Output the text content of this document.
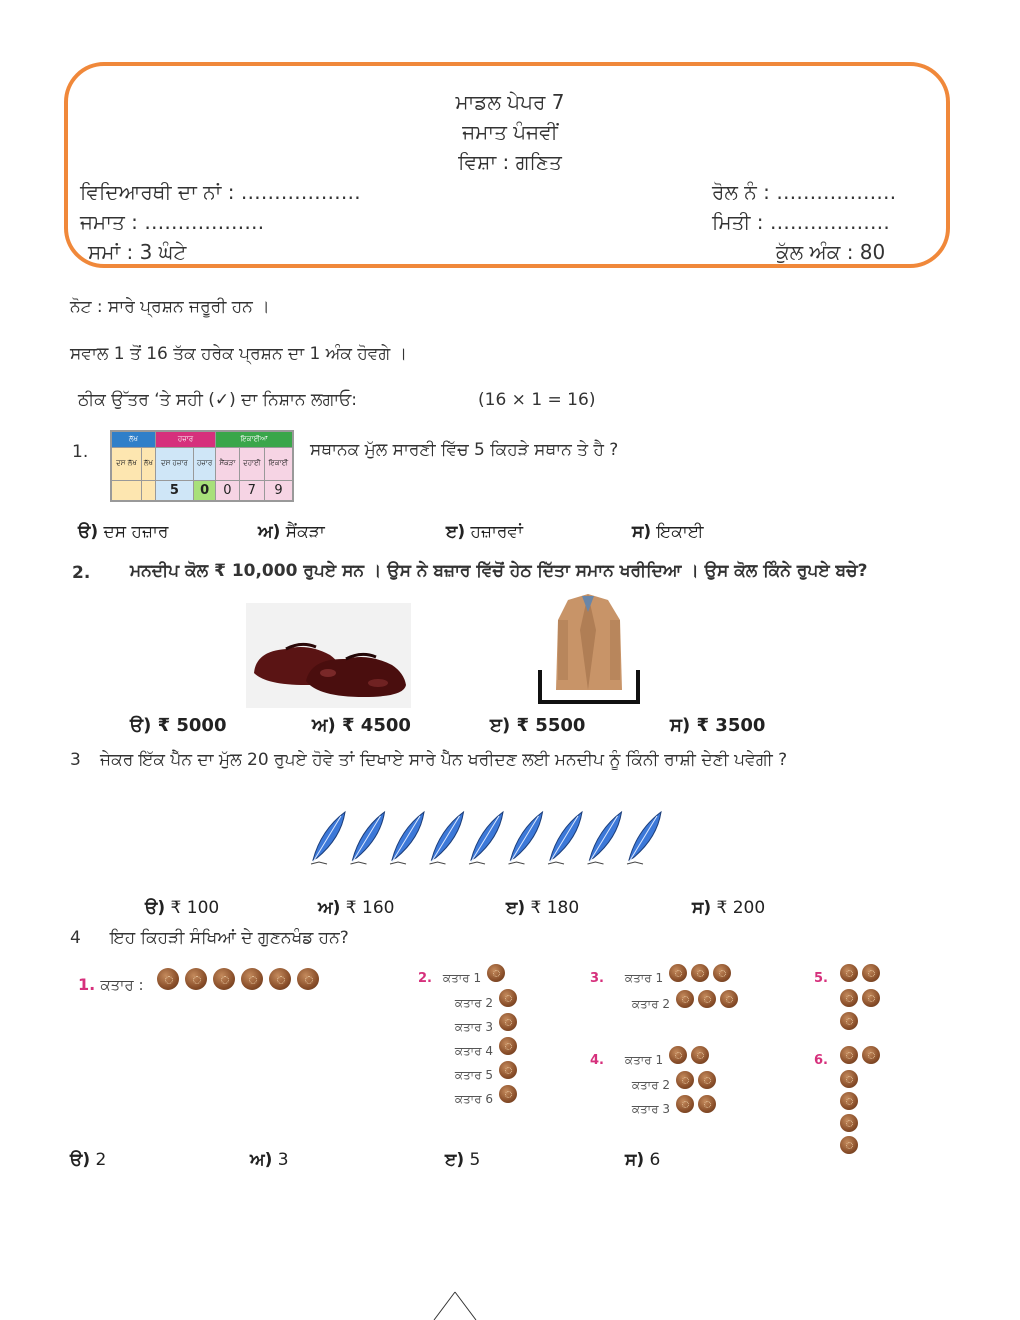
ਮਾਡਲ ਪੇਪਰ 7
ਜਮਾਤ ਪੰਜਵੀਂ
ਵਿਸ਼ਾ : ਗਣਿਤ
ਵਿਦਿਆਰਥੀ ਦਾ ਨਾਂ : ………………	ਰੋਲ ਨੰ : ………………
ਜਮਾਤ : ………………	ਮਿਤੀ : ………………
ਸਮਾਂ : 3 ਘੰਟੇ	ਕੁੱਲ ਅੰਕ : 80
ਨੋਟ : ਸਾਰੇ ਪ੍ਰਸ਼ਨ ਜਰੂਰੀ ਹਨ ।
ਸਵਾਲ 1 ਤੋਂ 16 ਤੱਕ ਹਰੇਕ ਪ੍ਰਸ਼ਨ ਦਾ 1 ਅੰਕ ਹੋਵਗੇ ।
ਠੀਕ ਉੱਤਰ ‘ਤੇ ਸਹੀ (✓) ਦਾ ਨਿਸ਼ਾਨ ਲਗਾਓ:	(16 × 1 = 16)
1.
ਲੱਖ		ਹਜ਼ਾਰ		ਇਕਾਈਆਂ		
ਦਸ ਲੱਖ	ਲੱਖ	ਦਸ ਹਜ਼ਾਰ	ਹਜ਼ਾਰ	ਸੈਂਕੜਾ	ਦਹਾਈ	ਇਕਾਈ
		5	0	0	7	9
ਸਥਾਨਕ ਮੁੱਲ ਸਾਰਣੀ ਵਿੱਚ 5 ਕਿਹੜੇ ਸਥਾਨ ਤੇ ਹੈ ?
ੳ) ਦਸ ਹਜ਼ਾਰ	ਅ) ਸੈਂਕੜਾ	ੲ) ਹਜ਼ਾਰਵਾਂ	ਸ) ਇਕਾਈ
2. ਮਨਦੀਪ ਕੋਲ ₹ 10,000 ਰੁਪਏ ਸਨ । ਉਸ ਨੇ ਬਜ਼ਾਰ ਵਿੱਚੋਂ ਹੇਠ ਦਿੱਤਾ ਸਮਾਨ ਖਰੀਦਿਆ । ਉਸ ਕੋਲ ਕਿੰਨੇ ਰੁਪਏ ਬਚੇ?
ੳ) ₹ 5000	ਅ) ₹ 4500	ੲ) ₹ 5500	ਸ) ₹ 3500
3 ਜੇਕਰ ਇੱਕ ਪੈੱਨ ਦਾ ਮੁੱਲ 20 ਰੁਪਏ ਹੋਵੇ ਤਾਂ ਦਿਖਾਏ ਸਾਰੇ ਪੈੱਨ ਖਰੀਦਣ ਲਈ ਮਨਦੀਪ ਨੂੰ ਕਿੰਨੀ ਰਾਸ਼ੀ ਦੇਣੀ ਪਵੇਗੀ ?
ੳ) ₹ 100	ਅ) ₹ 160	ੲ) ₹ 180	ਸ) ₹ 200
4 ਇਹ ਕਿਹੜੀ ਸੰਖਿਆਂ ਦੇ ਗੁਣਨਖੰਡ ਹਨ?
1. ਕਤਾਰ :	2. ਕਤਾਰ 1
ਕਤਾਰ 2
ਕਤਾਰ 3
ਕਤਾਰ 4
ਕਤਾਰ 5
ਕਤਾਰ 6
3. ਕਤਾਰ 1
ਕਤਾਰ 2
4. ਕਤਾਰ 1
ਕਤਾਰ 2
ਕਤਾਰ 3
5.
6.
ੳ) 2	ਅ) 3	ੲ) 5	ਸ) 6
